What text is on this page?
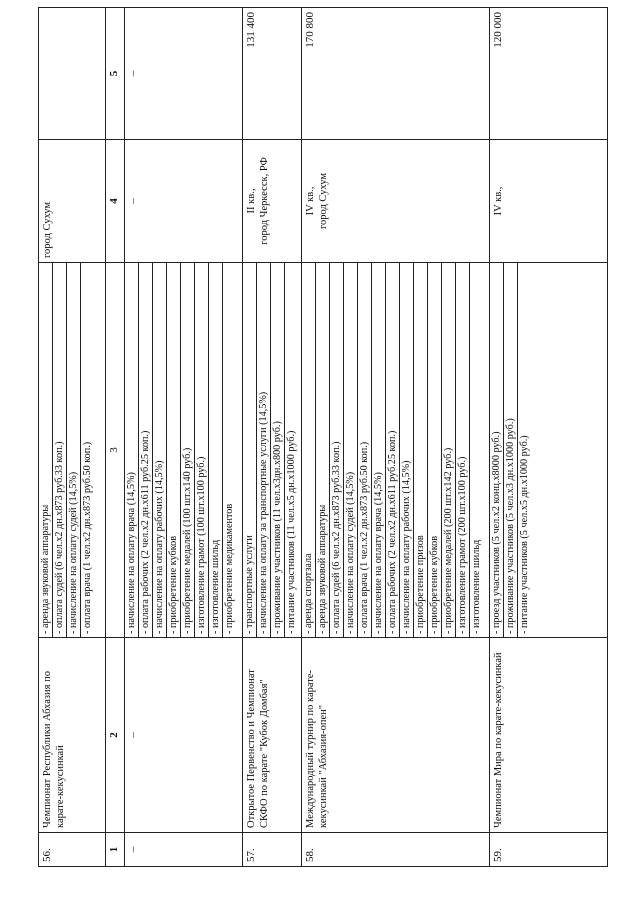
56.
Чемпионат Республики Абхазия по карате-кекусинкай
- аренда звуковой аппаратуры - оплата судей (6 чел.х2 дн.х873 руб.33 коп.) - начисление на оплату судей (14,5%) - оплата врача (1 чел.х2 дн.х873 руб.50 коп.)
город Сухум
1
2
3
4
5
–
–
- начисление на оплату врача (14,5%) - оплата рабочих (2 чел.х2 дн.х611 руб.25 коп.) - начисление на оплату рабочих (14,5%) - приобретение кубков - приобретение медалей (100 шт.х140 руб.) - изготовление грамот (100 шт.х100 руб.) - изготовление шильд - приобретение медикаментов
–
–
57.
Открытое Первенство и Чемпионат СКФО по карате "Кубок Домбая"
- транспортные услуги - начисление на оплату за транспортные услуги (14,5%) - проживание участников (11 чел.х3дн.х800 руб.) - питание участников (11 чел.х5 дн.х1000 руб.)
II кв., город Черкесск, РФ
131 400
58.
Международный турнир по карате-кекусинкай "Абхазия-опен"
- аренда спортзала - аренда звуковой аппаратуры - оплата судей (6 чел.х2 дн.х873 руб.33 коп.) - начисление на оплату судей (14,5%) - оплата врача (1 чел.х2 дн.х873 руб.50 коп.) - начисление на оплату врача (14,5%) - оплата рабочих (2 чел.х2 дн.х611 руб.25 коп.) - начисление на оплату рабочих (14,5%) - приобретение призов - приобретение кубков - приобретение медалей (200 шт.х142 руб.) - изготовление грамот (200 шт.х100 руб.) - изготовление шильд
IV кв., город Сухум
170 800
59.
Чемпионат Мира по карате-кекусинкай
- проезд участников (5 чел.х2 конц.х8000 руб.) - проживание участников (5 чел.х3 дн.х1000 руб.) - питание участников (5 чел.х5 дн.х1000 руб.)
IV кв.,
120 000
